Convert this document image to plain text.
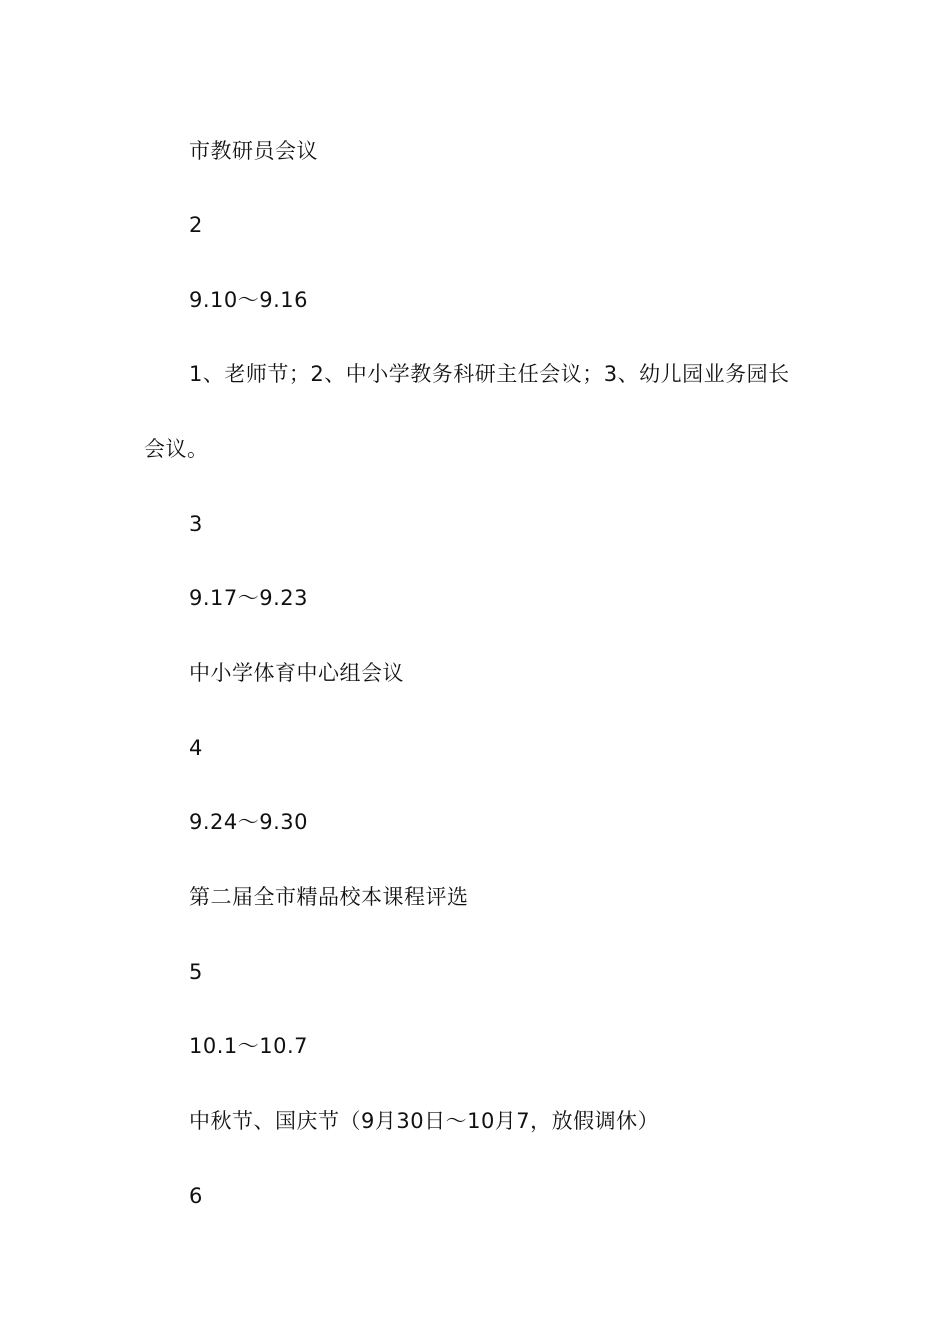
市教研员会议
2
9.10～9.16
1、老师节；2、中小学教务科研主任会议；3、幼儿园业务园长
会议。
3
9.17～9.23
中小学体育中心组会议
4
9.24～9.30
第二届全市精品校本课程评选
5
10.1～10.7
中秋节、国庆节（9月30日～10月7，放假调休）
6
